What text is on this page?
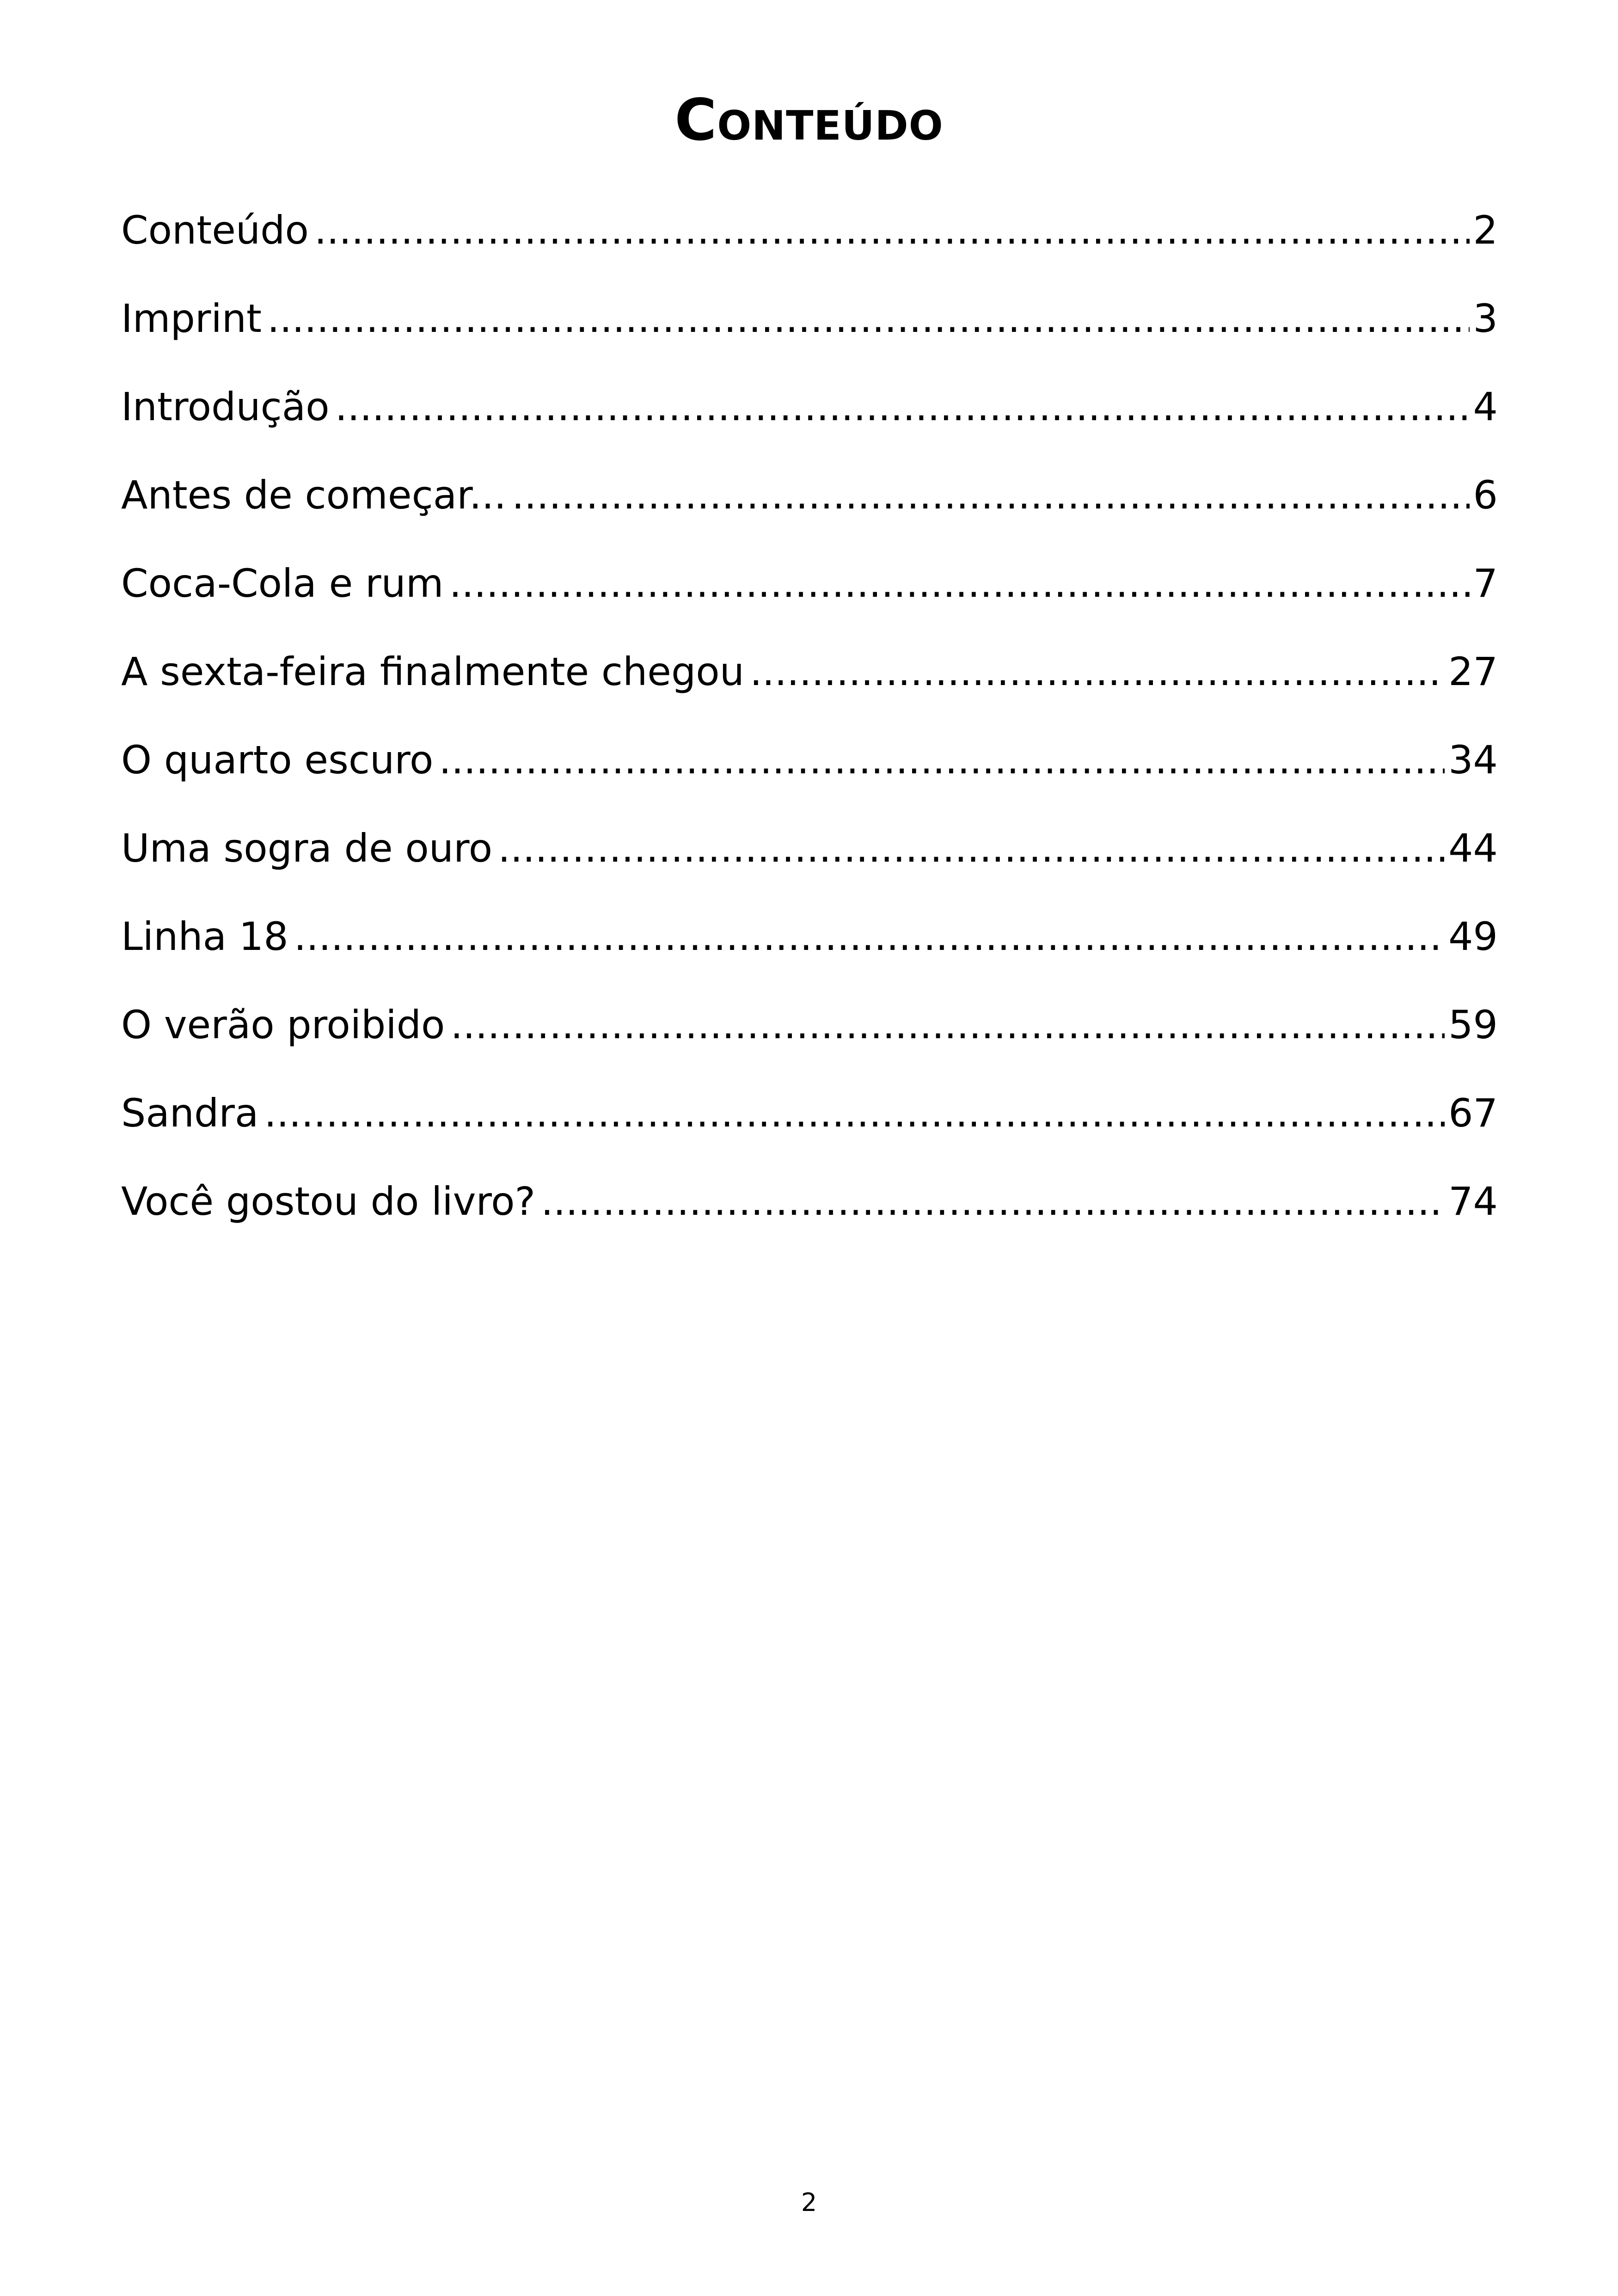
Conteúdo
Conteúdo .....	2
Imprint .....	3
Introdução .....	4
Antes de começar... .....	6
Coca-Cola e rum .....	7
A sexta-feira finalmente chegou .....	27
O quarto escuro .....	34
Uma sogra de ouro .....	44
Linha 18 .....	49
O verão proibido .....	59
Sandra .....	67
Você gostou do livro? .....	74
2
